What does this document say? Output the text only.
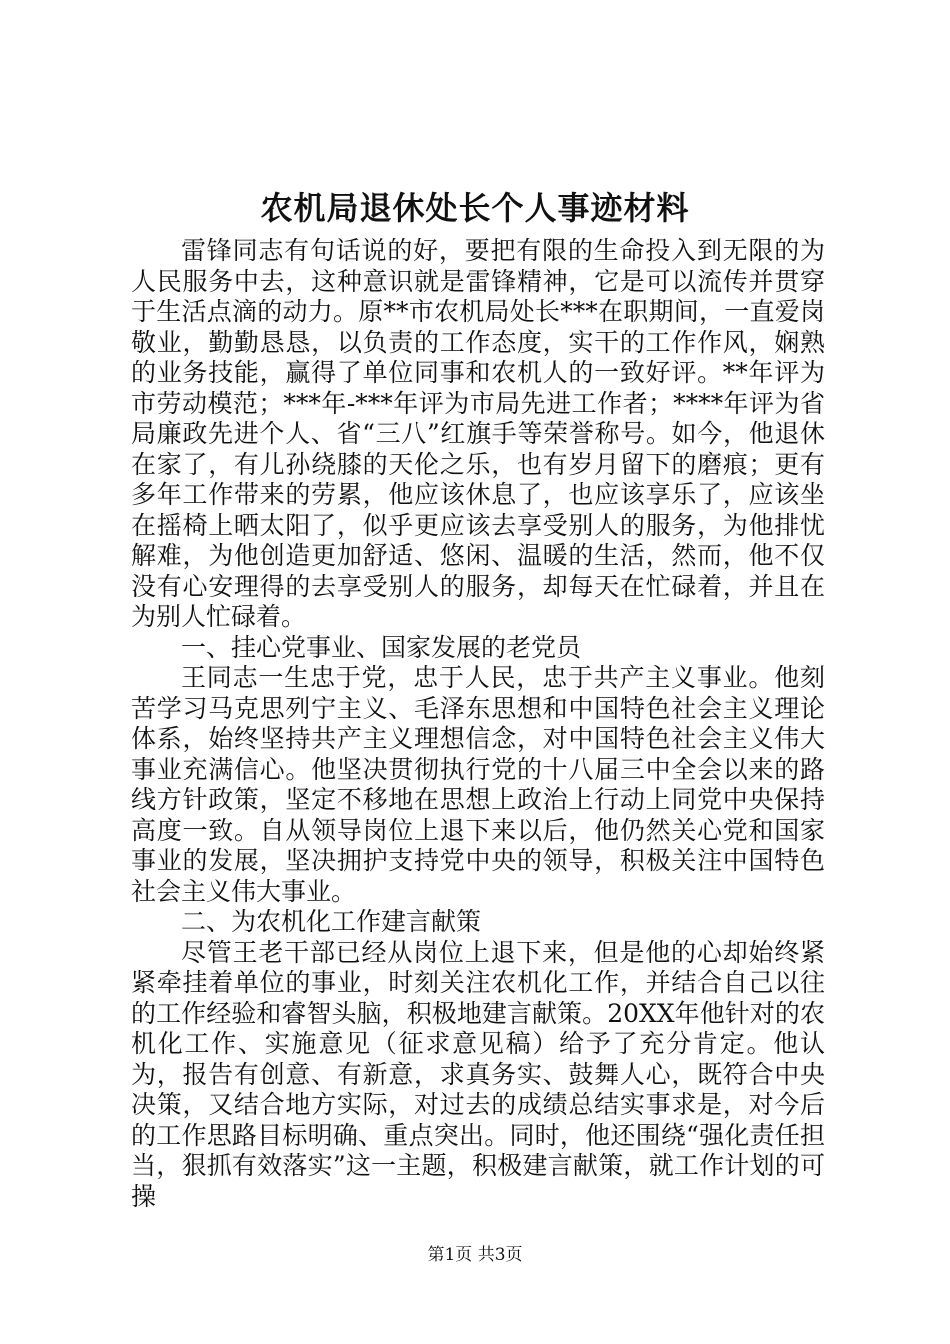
农机局退休处长个人事迹材料

雷锋同志有句话说的好，要把有限的生命投入到无限的为人民服务中去，这种意识就是雷锋精神，它是可以流传并贯穿于生活点滴的动力。原**市农机局处长***在职期间，一直爱岗敬业，勤勤恳恳，以负责的工作态度，实干的工作作风，娴熟的业务技能，赢得了单位同事和农机人的一致好评。**年评为市劳动模范；***年-***年评为市局先进工作者；****年评为省局廉政先进个人、省“三八”红旗手等荣誉称号。如今，他退休在家了，有儿孙绕膝的天伦之乐，也有岁月留下的磨痕；更有多年工作带来的劳累，他应该休息了，也应该享乐了，应该坐在摇椅上晒太阳了，似乎更应该去享受别人的服务，为他排忧解难，为他创造更加舒适、悠闲、温暖的生活，然而，他不仅没有心安理得的去享受别人的服务，却每天在忙碌着，并且在为别人忙碌着。

一、挂心党事业、国家发展的老党员

王同志一生忠于党，忠于人民，忠于共产主义事业。他刻苦学习马克思列宁主义、毛泽东思想和中国特色社会主义理论体系，始终坚持共产主义理想信念，对中国特色社会主义伟大事业充满信心。他坚决贯彻执行党的十八届三中全会以来的路线方针政策，坚定不移地在思想上政治上行动上同党中央保持高度一致。自从领导岗位上退下来以后，他仍然关心党和国家事业的发展，坚决拥护支持党中央的领导，积极关注中国特色社会主义伟大事业。

二、为农机化工作建言献策

尽管王老干部已经从岗位上退下来，但是他的心却始终紧紧牵挂着单位的事业，时刻关注农机化工作，并结合自己以往的工作经验和睿智头脑，积极地建言献策。20XX年他针对的农机化工作、实施意见（征求意见稿）给予了充分肯定。他认为，报告有创意、有新意，求真务实、鼓舞人心，既符合中央决策，又结合地方实际，对过去的成绩总结实事求是，对今后的工作思路目标明确、重点突出。同时，他还围绕“强化责任担当，狠抓有效落实”这一主题，积极建言献策，就工作计划的可操

第1页 共3页
